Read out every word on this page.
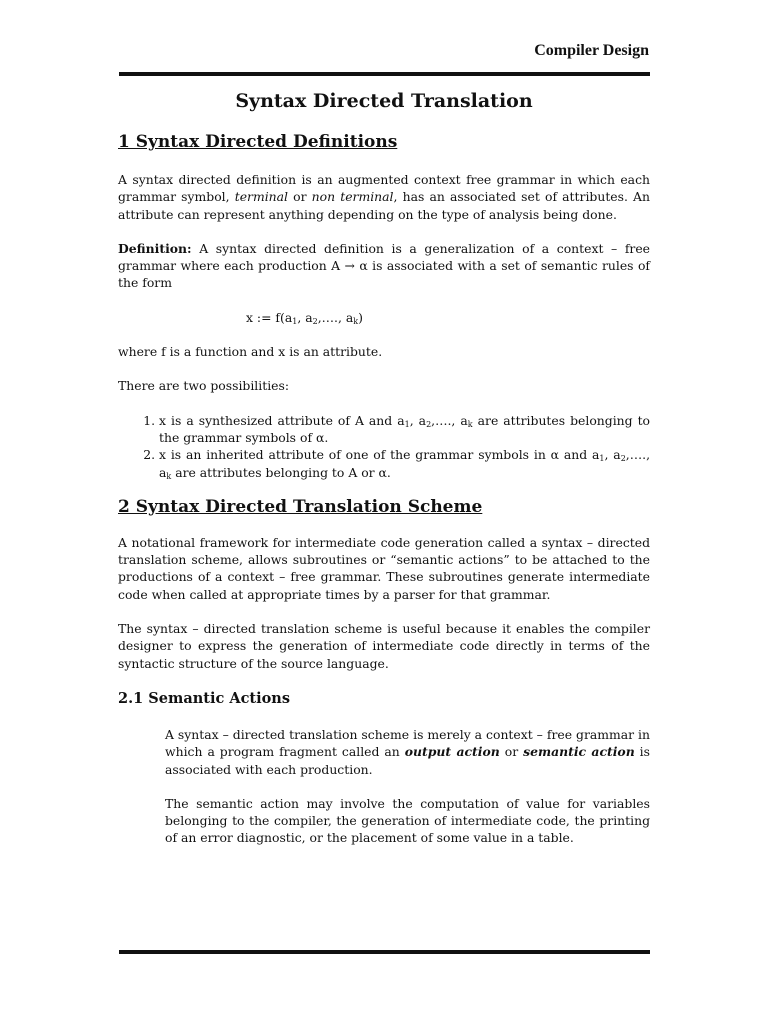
Compiler Design
Syntax Directed Translation
1 Syntax Directed Definitions

A syntax directed definition is an augmented context free grammar in which each grammar symbol, terminal or non terminal, has an associated set of attributes. An attribute can represent anything depending on the type of analysis being done.

Definition: A syntax directed definition is a generalization of a context – free grammar where each production A → α is associated with a set of semantic rules of the form

x := $f(a_1$, $a_2,\dots$., $a_k$)

where f is a function and x is an attribute.

There are two possibilities:

1. x is a synthesized attribute of A and $a_1$, $a_2,\dots$., $a_k$ are attributes belonging to the grammar symbols of α.
2. x is an inherited attribute of one of the grammar symbols in α and $a_1$, $a_2,\dots$., $a_k$ are attributes belonging to A or α.
2 Syntax Directed Translation Scheme

A notational framework for intermediate code generation called a syntax – directed translation scheme, allows subroutines or “semantic actions” to be attached to the productions of a context – free grammar. These subroutines generate intermediate code when called at appropriate times by a parser for that grammar.

The syntax – directed translation scheme is useful because it enables the compiler designer to express the generation of intermediate code directly in terms of the syntactic structure of the source language.

2.1 Semantic Actions

A syntax – directed translation scheme is merely a context – free grammar in which a program fragment called an output action or semantic action is associated with each production.

The semantic action may involve the computation of value for variables belonging to the compiler, the generation of intermediate code, the printing of an error diagnostic, or the placement of some value in a table.
